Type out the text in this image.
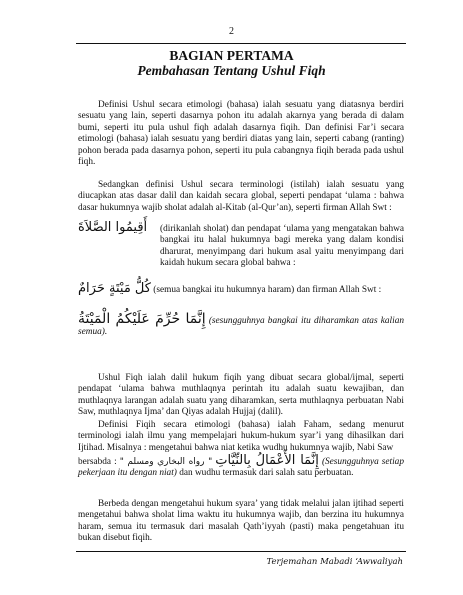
2
BAGIAN PERTAMA
Pembahasan Tentang Ushul Fiqh
Definisi Ushul secara etimologi (bahasa) ialah sesuatu yang diatasnya berdiri sesuatu yang lain, seperti dasarnya pohon itu adalah akarnya yang berada di dalam bumi, seperti itu pula ushul fiqh adalah dasarnya fiqih. Dan definisi Far’i secara etimologi (bahasa) ialah sesuatu yang berdiri diatas yang lain, seperti cabang (ranting) pohon berada pada dasarnya pohon, seperti itu pula cabangnya fiqih berada pada ushul fiqh.
Sedangkan definisi Ushul secara terminologi (istilah) ialah sesuatu yang diucapkan atas dasar dalil dan kaidah secara global, seperti pendapat ‘ulama : bahwa dasar hukumnya wajib sholat adalah al-Kitab (al-Qur’an), seperti firman Allah Swt :
أَقِيمُوا الصَّلاَةَ	(dirikanlah sholat) dan pendapat ‘ulama yang mengatakan bahwa bangkai itu halal hukumnya bagi mereka yang dalam kondisi dharurat, menyimpang dari hukum asal yaitu menyimpang dari kaidah hukum secara global bahwa :
كُلُّ مَيْتَةٍ حَرَامٌ (semua bangkai itu hukumnya haram) dan firman Allah Swt :
إِنَّمَا حُرِّمَ عَلَيْكُمُ الْمَيْتَةُ (sesungguhnya bangkai itu diharamkan atas kalian semua).
Ushul Fiqh ialah dalil hukum fiqih yang dibuat secara global/ijmal, seperti pendapat ‘ulama bahwa muthlaqnya perintah itu adalah suatu kewajiban, dan muthlaqnya larangan adalah suatu yang diharamkan, serta muthlaqnya perbuatan Nabi Saw, muthlaqnya Ijma’ dan Qiyas adalah Hujjaj (dalil).
Definisi Fiqih secara etimologi (bahasa) ialah Faham, sedang menurut terminologi ialah ilmu yang mempelajari hukum-hukum syar’i yang dihasilkan dari Ijtihad. Misalnya : mengetahui bahwa niat ketika wudhu hukumnya wajib, Nabi Saw
bersabda : " رواه البخاري ومسلم " إِنَّمَا الأَعْمَالُ بِالنِّيَّاتِ (Sesungguhnya setiap pekerjaan itu dengan niat) dan wudhu termasuk dari salah satu perbuatan.
Berbeda dengan mengetahui hukum syara’ yang tidak melalui jalan ijtihad seperti mengetahui bahwa sholat lima waktu itu hukumnya wajib, dan berzina itu hukumnya haram, semua itu termasuk dari masalah Qath’iyyah (pasti) maka pengetahuan itu bukan disebut fiqih.
Terjemahan Mabadi ‘Awwaliyah
